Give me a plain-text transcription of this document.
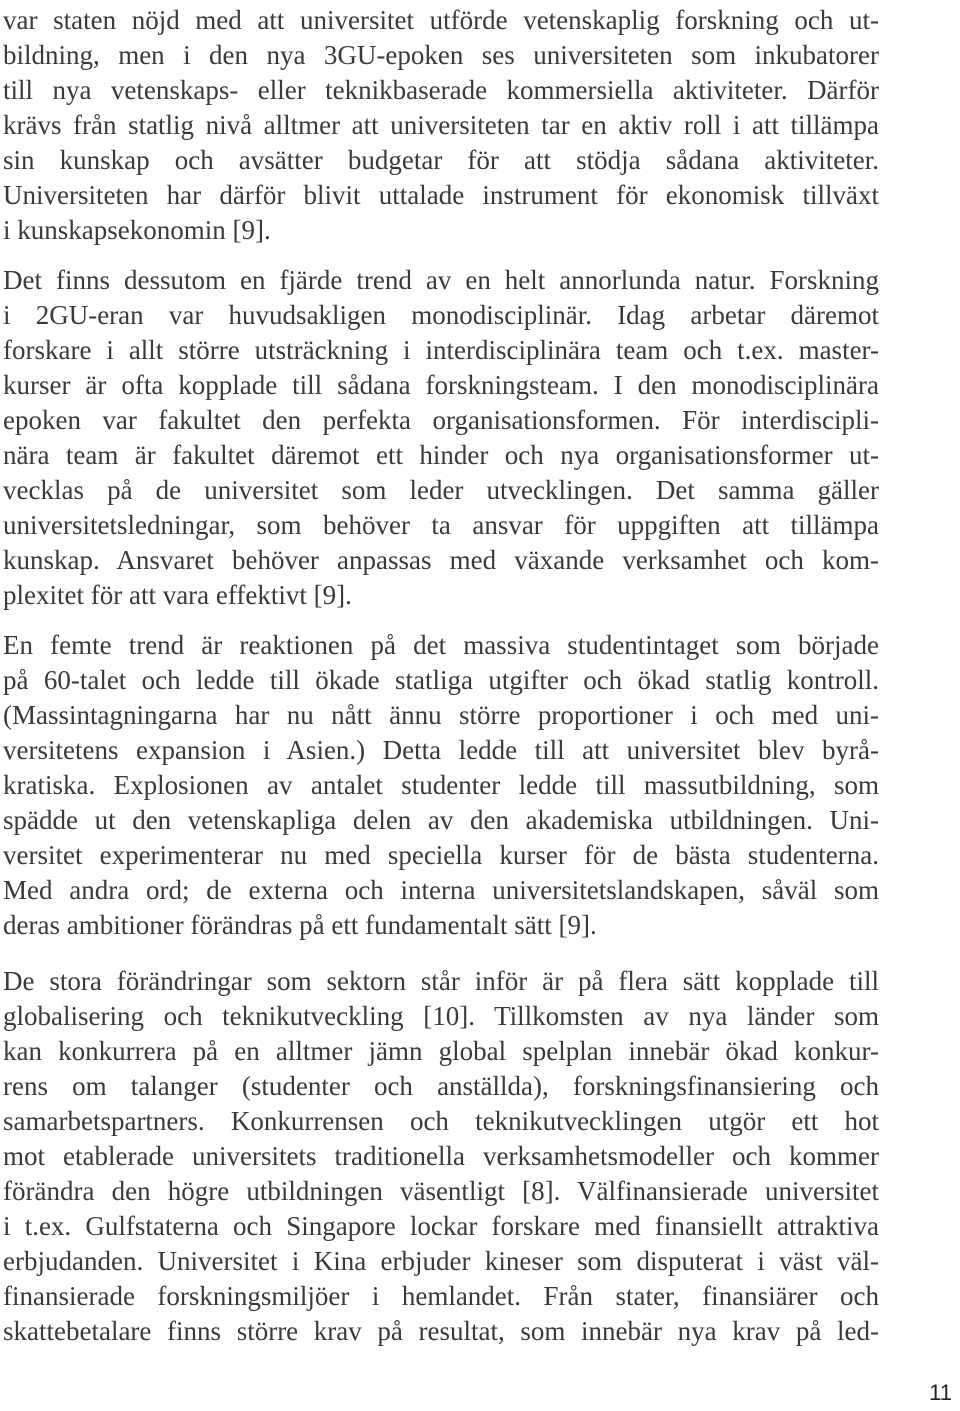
var staten nöjd med att universitet utförde vetenskaplig forskning och ut-
bildning, men i den nya 3GU-epoken ses universiteten som inkubatorer
till nya vetenskaps- eller teknikbaserade kommersiella aktiviteter. Därför
krävs från statlig nivå alltmer att universiteten tar en aktiv roll i att tillämpa
sin kunskap och avsätter budgetar för att stödja sådana aktiviteter.
Universiteten har därför blivit uttalade instrument för ekonomisk tillväxt
i kunskapsekonomin [9].
Det finns dessutom en fjärde trend av en helt annorlunda natur. Forskning
i 2GU-eran var huvudsakligen monodisciplinär. Idag arbetar däremot
forskare i allt större utsträckning i interdisciplinära team och t.ex. master-
kurser är ofta kopplade till sådana forskningsteam. I den monodisciplinära
epoken var fakultet den perfekta organisationsformen. För interdiscipli-
nära team är fakultet däremot ett hinder och nya organisationsformer ut-
vecklas på de universitet som leder utvecklingen. Det samma gäller
universitetsledningar, som behöver ta ansvar för uppgiften att tillämpa
kunskap. Ansvaret behöver anpassas med växande verksamhet och kom-
plexitet för att vara effektivt [9].
En femte trend är reaktionen på det massiva studentintaget som började
på 60-talet och ledde till ökade statliga utgifter och ökad statlig kontroll.
(Massintagningarna har nu nått ännu större proportioner i och med uni-
versitetens expansion i Asien.) Detta ledde till att universitet blev byrå-
kratiska. Explosionen av antalet studenter ledde till massutbildning, som
spädde ut den vetenskapliga delen av den akademiska utbildningen. Uni-
versitet experimenterar nu med speciella kurser för de bästa studenterna.
Med andra ord; de externa och interna universitetslandskapen, såväl som
deras ambitioner förändras på ett fundamentalt sätt [9].
De stora förändringar som sektorn står inför är på flera sätt kopplade till
globalisering och teknikutveckling [10]. Tillkomsten av nya länder som
kan konkurrera på en alltmer jämn global spelplan innebär ökad konkur-
rens om talanger (studenter och anställda), forskningsfinansiering och
samarbetspartners. Konkurrensen och teknikutvecklingen utgör ett hot
mot etablerade universitets traditionella verksamhetsmodeller och kommer
förändra den högre utbildningen väsentligt [8]. Välfinansierade universitet
i t.ex. Gulfstaterna och Singapore lockar forskare med finansiellt attraktiva
erbjudanden. Universitet i Kina erbjuder kineser som disputerat i väst väl-
finansierade forskningsmiljöer i hemlandet. Från stater, finansiärer och
skattebetalare finns större krav på resultat, som innebär nya krav på led-
11
